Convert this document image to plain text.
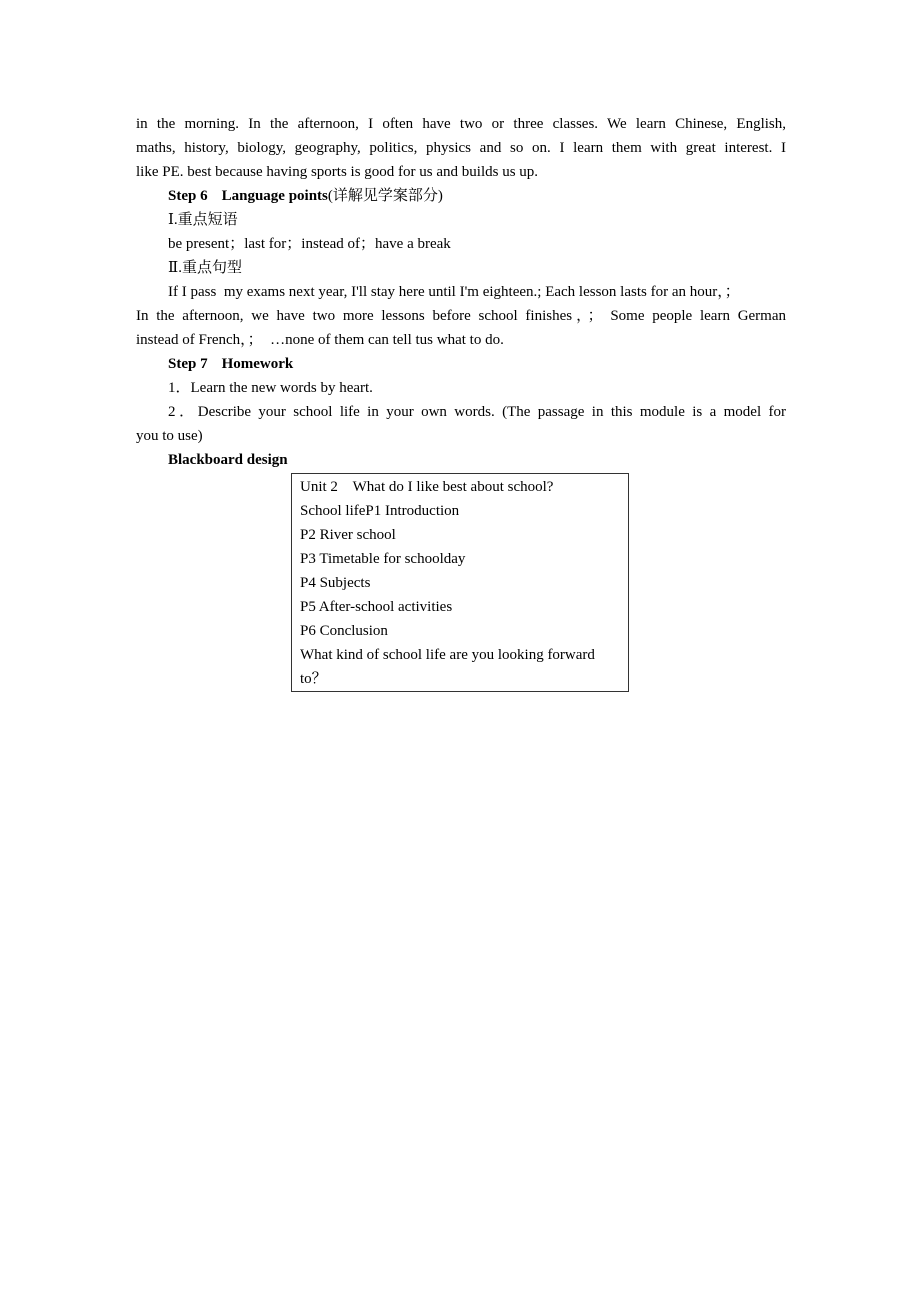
in the morning. In the afternoon, I often have two or three classes. We learn Chinese, English,
maths, history, biology, geography, politics, physics and so on. I learn them with great interest. I
like PE. best because having sports is good for us and builds us up.
Step 6 Language points(详解见学案部分)
Ⅰ.重点短语
be present；last for；instead of；have a break
Ⅱ.重点句型
If I pass  my exams next year, I'll stay here until I'm eighteen.; Each lesson lasts for an hour，；
In the afternoon, we have two more lessons before school finishes，； Some people learn German
instead of French，；  …none of them can tell tus what to do.
Step 7 Homework
1．Learn the new words by heart.
2．Describe your school life in your own words. (The passage in this module is a model for
you to use)
Blackboard design
Unit 2    What do I like best about school?
School lifeP1 Introduction
P2 River school
P3 Timetable for schoolday
P4 Subjects
P5 After-school activities
P6 Conclusion
What kind of school life are you looking forward
to？
